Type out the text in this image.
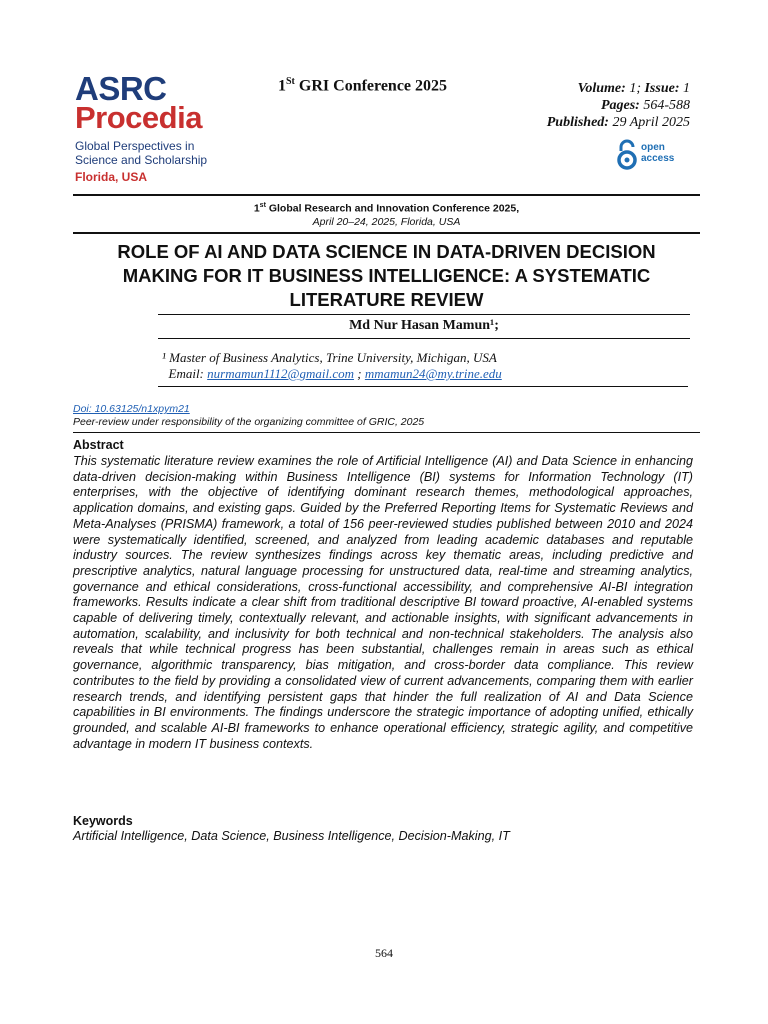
ASRC
Procedia
Global Perspectives in
Science and Scholarship
Florida, USA
1St GRI Conference 2025	Volume: 1; Issue: 1
Pages: 564-588
Published: 29 April 2025
open
access
1st Global Research and Innovation Conference 2025,
April 20–24, 2025, Florida, USA
ROLE OF AI AND DATA SCIENCE IN DATA-DRIVEN DECISION MAKING FOR IT BUSINESS INTELLIGENCE: A SYSTEMATIC LITERATURE REVIEW
Md Nur Hasan Mamun¹;
¹ Master of Business Analytics, Trine University, Michigan, USA
Email: nurmamun1112@gmail.com ; mmamun24@my.trine.edu
Doi: 10.63125/n1xpym21
Peer-review under responsibility of the organizing committee of GRIC, 2025
Abstract
This systematic literature review examines the role of Artificial Intelligence (AI) and Data Science in enhancing data-driven decision-making within Business Intelligence (BI) systems for Information Technology (IT) enterprises, with the objective of identifying dominant research themes, methodological approaches, application domains, and existing gaps. Guided by the Preferred Reporting Items for Systematic Reviews and Meta-Analyses (PRISMA) framework, a total of 156 peer-reviewed studies published between 2010 and 2024 were systematically identified, screened, and analyzed from leading academic databases and reputable industry sources. The review synthesizes findings across key thematic areas, including predictive and prescriptive analytics, natural language processing for unstructured data, real-time and streaming analytics, governance and ethical considerations, cross-functional accessibility, and comprehensive AI-BI integration frameworks. Results indicate a clear shift from traditional descriptive BI toward proactive, AI-enabled systems capable of delivering timely, contextually relevant, and actionable insights, with significant advancements in automation, scalability, and inclusivity for both technical and non-technical stakeholders. The analysis also reveals that while technical progress has been substantial, challenges remain in areas such as ethical governance, algorithmic transparency, bias mitigation, and cross-border data compliance. This review contributes to the field by providing a consolidated view of current advancements, comparing them with earlier research trends, and identifying persistent gaps that hinder the full realization of AI and Data Science capabilities in BI environments. The findings underscore the strategic importance of adopting unified, ethically grounded, and scalable AI-BI frameworks to enhance operational efficiency, strategic agility, and competitive advantage in modern IT business contexts.
Keywords
Artificial Intelligence, Data Science, Business Intelligence, Decision-Making, IT
564
